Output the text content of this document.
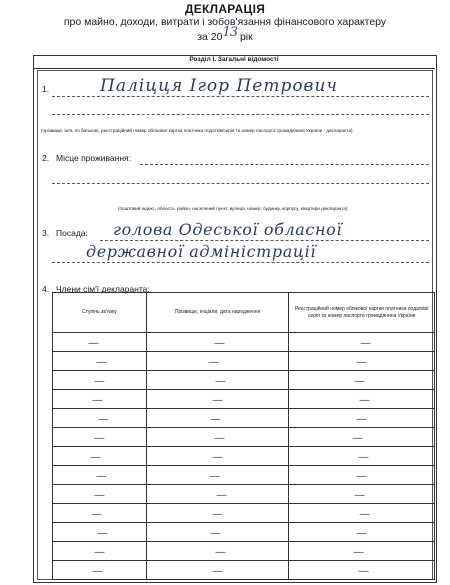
ДЕКЛАРАЦІЯ
про майно, доходи, витрати і зобов'язання фінансового характеру
за 2013 рік
Розділ І. Загальні відомості
1.	Паліцця Ігор Петрович
(прізвище, ім'я, по батькові, реєстраційний номер облікової картки платника податків/серія та номер паспорта громадянина України - декларанта)
2. Місце проживання:
(поштовий індекс, область, район, населений пункт, вулиця, номер: будинку, корпусу, квартири декларанта)
3. Посада: голова Одеської обласної
державної адміністрації
4. Члени сім'ї декларанта:
Ступінь зв'язку	Прізвище, ініціали, дата народження	Реєстраційний номер облікової картки платника податків/ серія та номер паспорта громадянина України
—	—	—
—	—	—
—	—	—
—	—	—
—	—	—
—	—	—
—	—	—
—	—	—
—	—	—
—	—	—
—	—	—
—	—	—
—	—	—
